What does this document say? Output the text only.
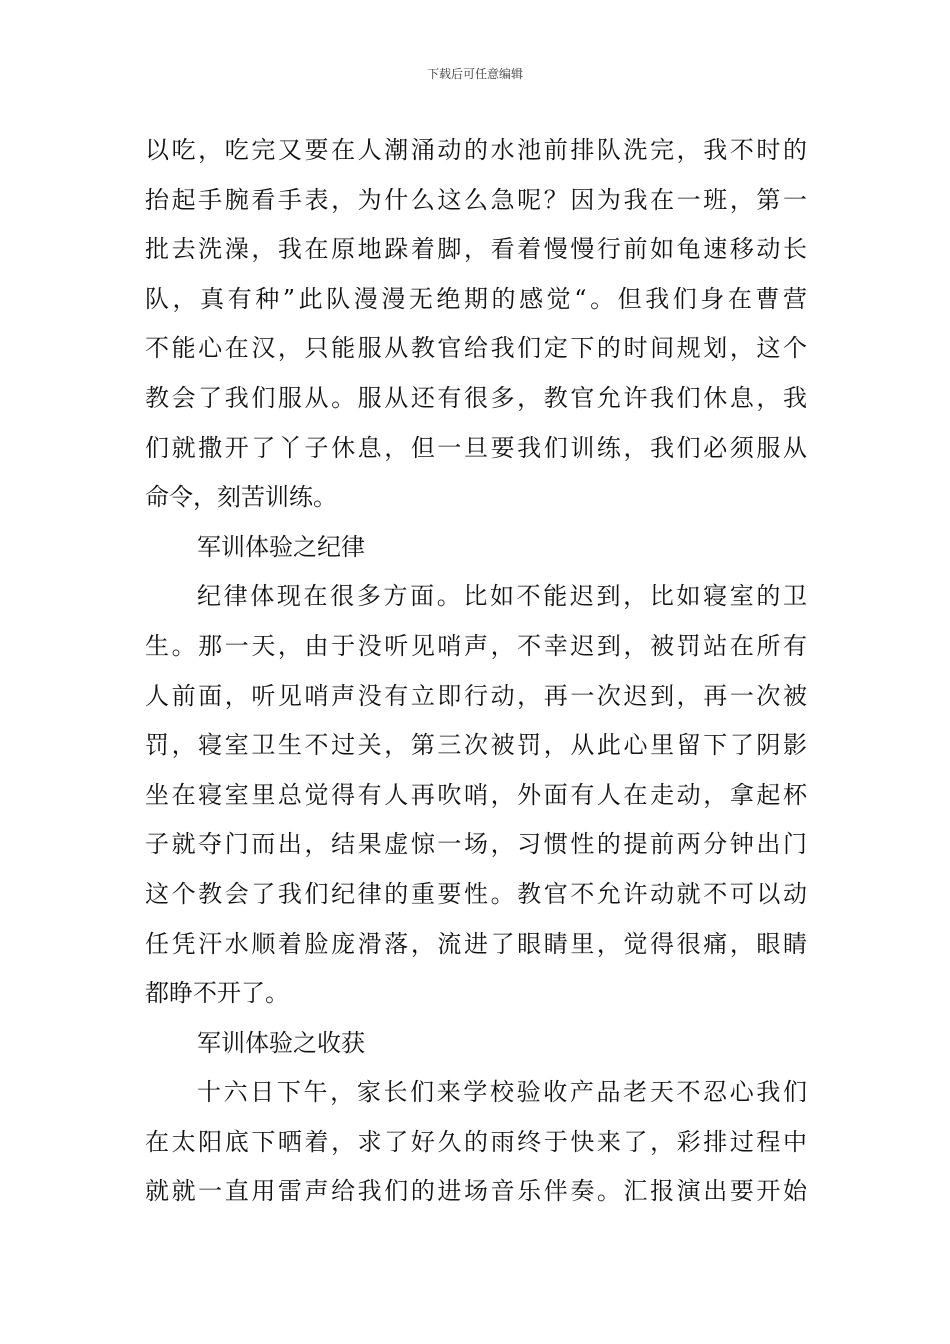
下载后可任意编辑
以吃，吃完又要在人潮涌动的水池前排队洗完，我不时的
抬起手腕看手表，为什么这么急呢？因为我在一班，第一
批去洗澡，我在原地跺着脚，看着慢慢行前如龟速移动长
队，真有种”此队漫漫无绝期的感觉“。但我们身在曹营
不能心在汉，只能服从教官给我们定下的时间规划，这个
教会了我们服从。服从还有很多，教官允许我们休息，我
们就撒开了丫子休息，但一旦要我们训练，我们必须服从
命令，刻苦训练。
军训体验之纪律
纪律体现在很多方面。比如不能迟到，比如寝室的卫
生。那一天，由于没听见哨声，不幸迟到，被罚站在所有
人前面，听见哨声没有立即行动，再一次迟到，再一次被
罚，寝室卫生不过关，第三次被罚，从此心里留下了阴影
坐在寝室里总觉得有人再吹哨，外面有人在走动，拿起杯
子就夺门而出，结果虚惊一场，习惯性的提前两分钟出门
这个教会了我们纪律的重要性。教官不允许动就不可以动
任凭汗水顺着脸庞滑落，流进了眼睛里，觉得很痛，眼睛
都睁不开了。
军训体验之收获
十六日下午，家长们来学校验收产品老天不忍心我们
在太阳底下晒着，求了好久的雨终于快来了，彩排过程中
就就一直用雷声给我们的进场音乐伴奏。汇报演出要开始
